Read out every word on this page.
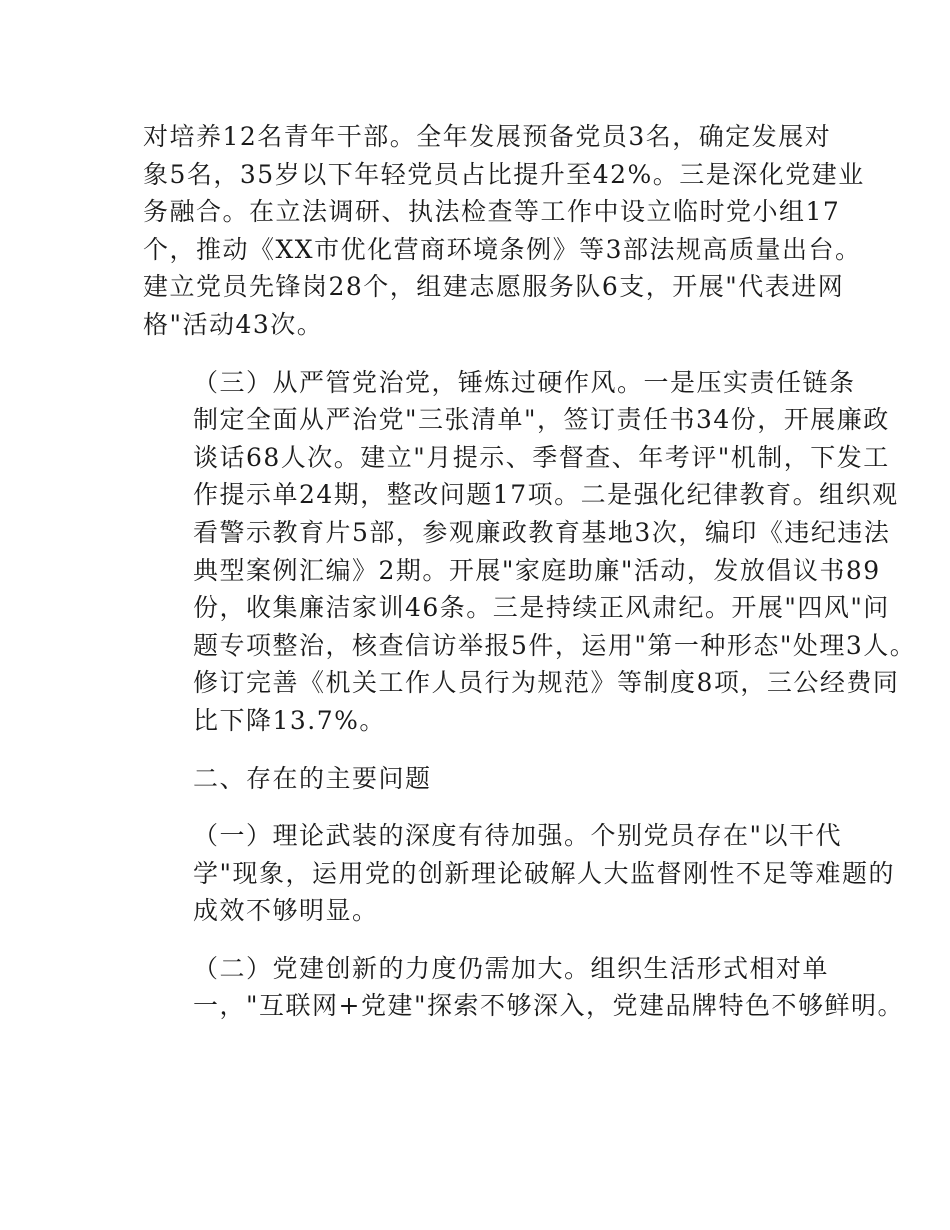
对培养12名青年干部。全年发展预备党员3名，确定发展对
象5名，35岁以下年轻党员占比提升至42%。三是深化党建业
务融合。在立法调研、执法检查等工作中设立临时党小组17
个，推动《XX市优化营商环境条例》等3部法规高质量出台。
建立党员先锋岗28个，组建志愿服务队6支，开展"代表进网
格"活动43次。
（三）从严管党治党，锤炼过硬作风。一是压实责任链条
制定全面从严治党"三张清单"，签订责任书34份，开展廉政
谈话68人次。建立"月提示、季督查、年考评"机制，下发工
作提示单24期，整改问题17项。二是强化纪律教育。组织观
看警示教育片5部，参观廉政教育基地3次，编印《违纪违法
典型案例汇编》2期。开展"家庭助廉"活动，发放倡议书89
份，收集廉洁家训46条。三是持续正风肃纪。开展"四风"问
题专项整治，核查信访举报5件，运用"第一种形态"处理3人。
修订完善《机关工作人员行为规范》等制度8项，三公经费同
比下降13.7%。
二、存在的主要问题
（一）理论武装的深度有待加强。个别党员存在"以干代
学"现象，运用党的创新理论破解人大监督刚性不足等难题的
成效不够明显。
（二）党建创新的力度仍需加大。组织生活形式相对单
一，"互联网+党建"探索不够深入，党建品牌特色不够鲜明。
